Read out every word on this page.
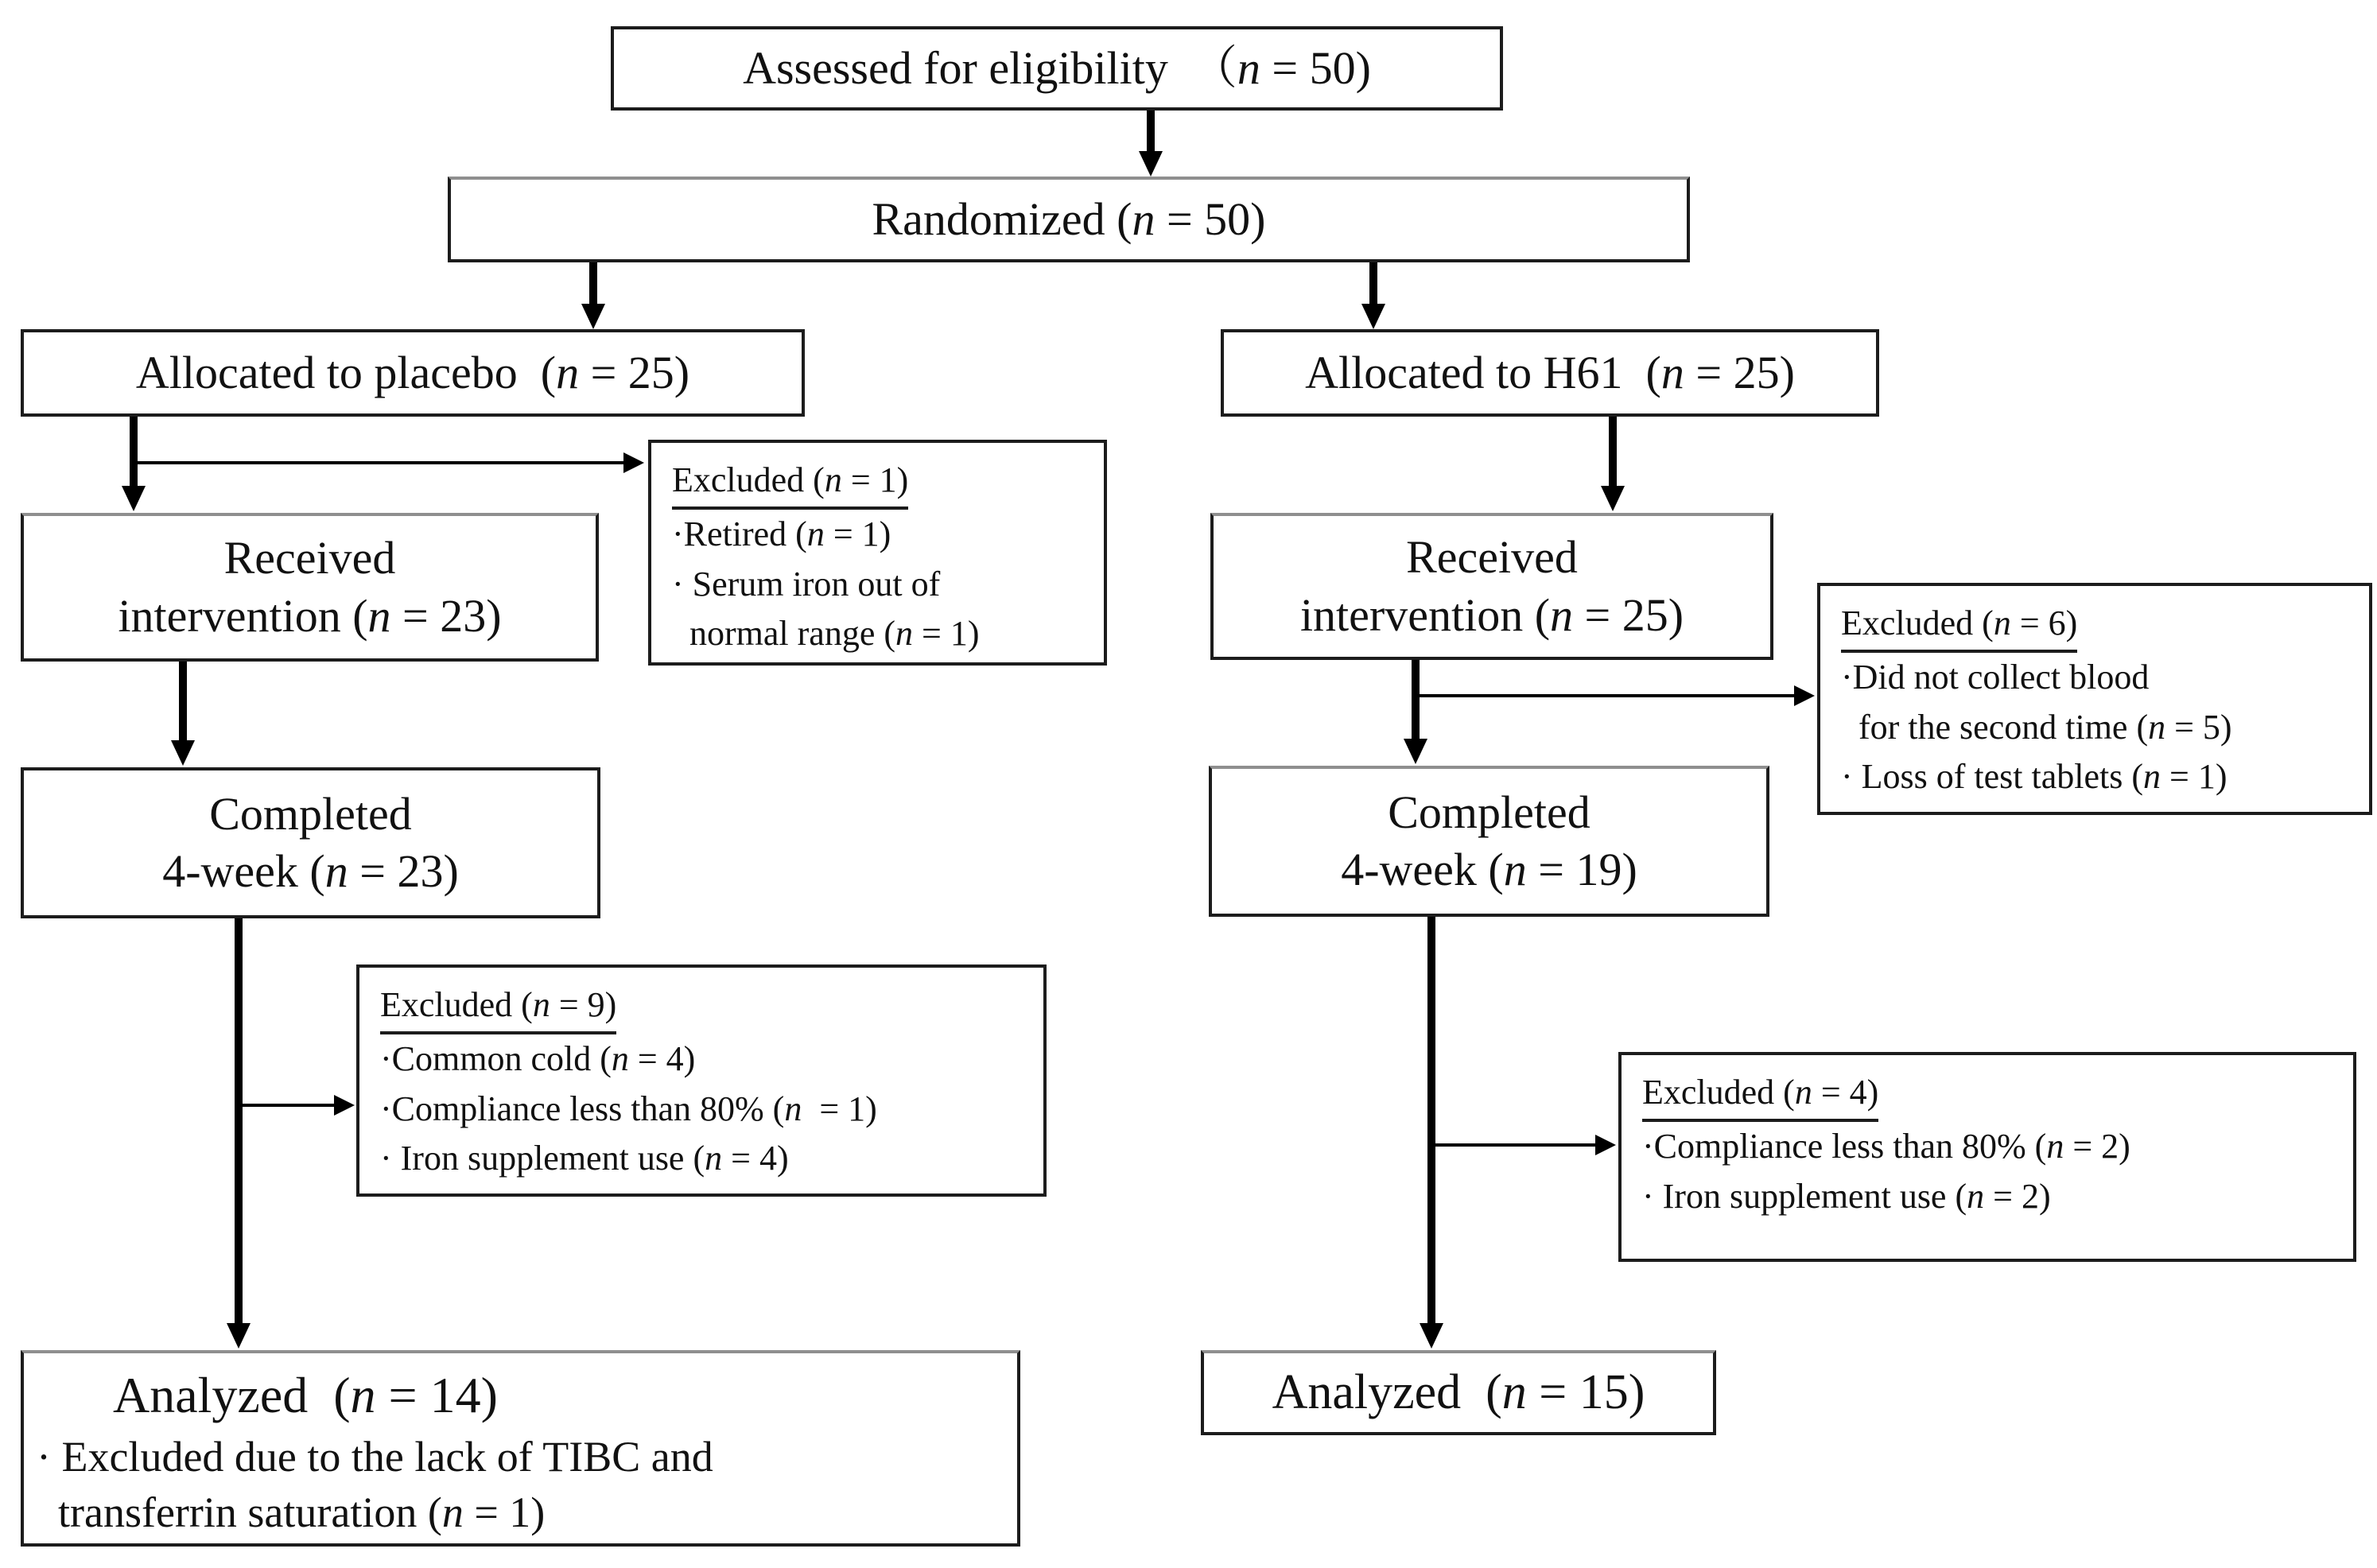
Assessed for eligibility  （n = 50)
Randomized (n = 50)
Allocated to placebo  (n = 25)	Allocated to H61  (n = 25)
Excluded (n = 1)
·Retired (n = 1)
· Serum iron out of
normal range (n = 1)
Received
intervention (n = 23)
Received
intervention (n = 25)	Excluded (n = 6)
·Did not collect blood
for the second time (n = 5)
· Loss of test tablets (n = 1)
Completed
4-week (n = 23)
Completed
4-week (n = 19)
Excluded (n = 9)
·Common cold (n = 4)
·Compliance less than 80% (n  = 1)
· Iron supplement use (n = 4)
Excluded (n = 4)
·Compliance less than 80% (n = 2)
· Iron supplement use (n = 2)
Analyzed  (n = 14)
· Excluded due to the lack of TIBC and
transferrin saturation (n = 1)
Analyzed  (n = 15)
